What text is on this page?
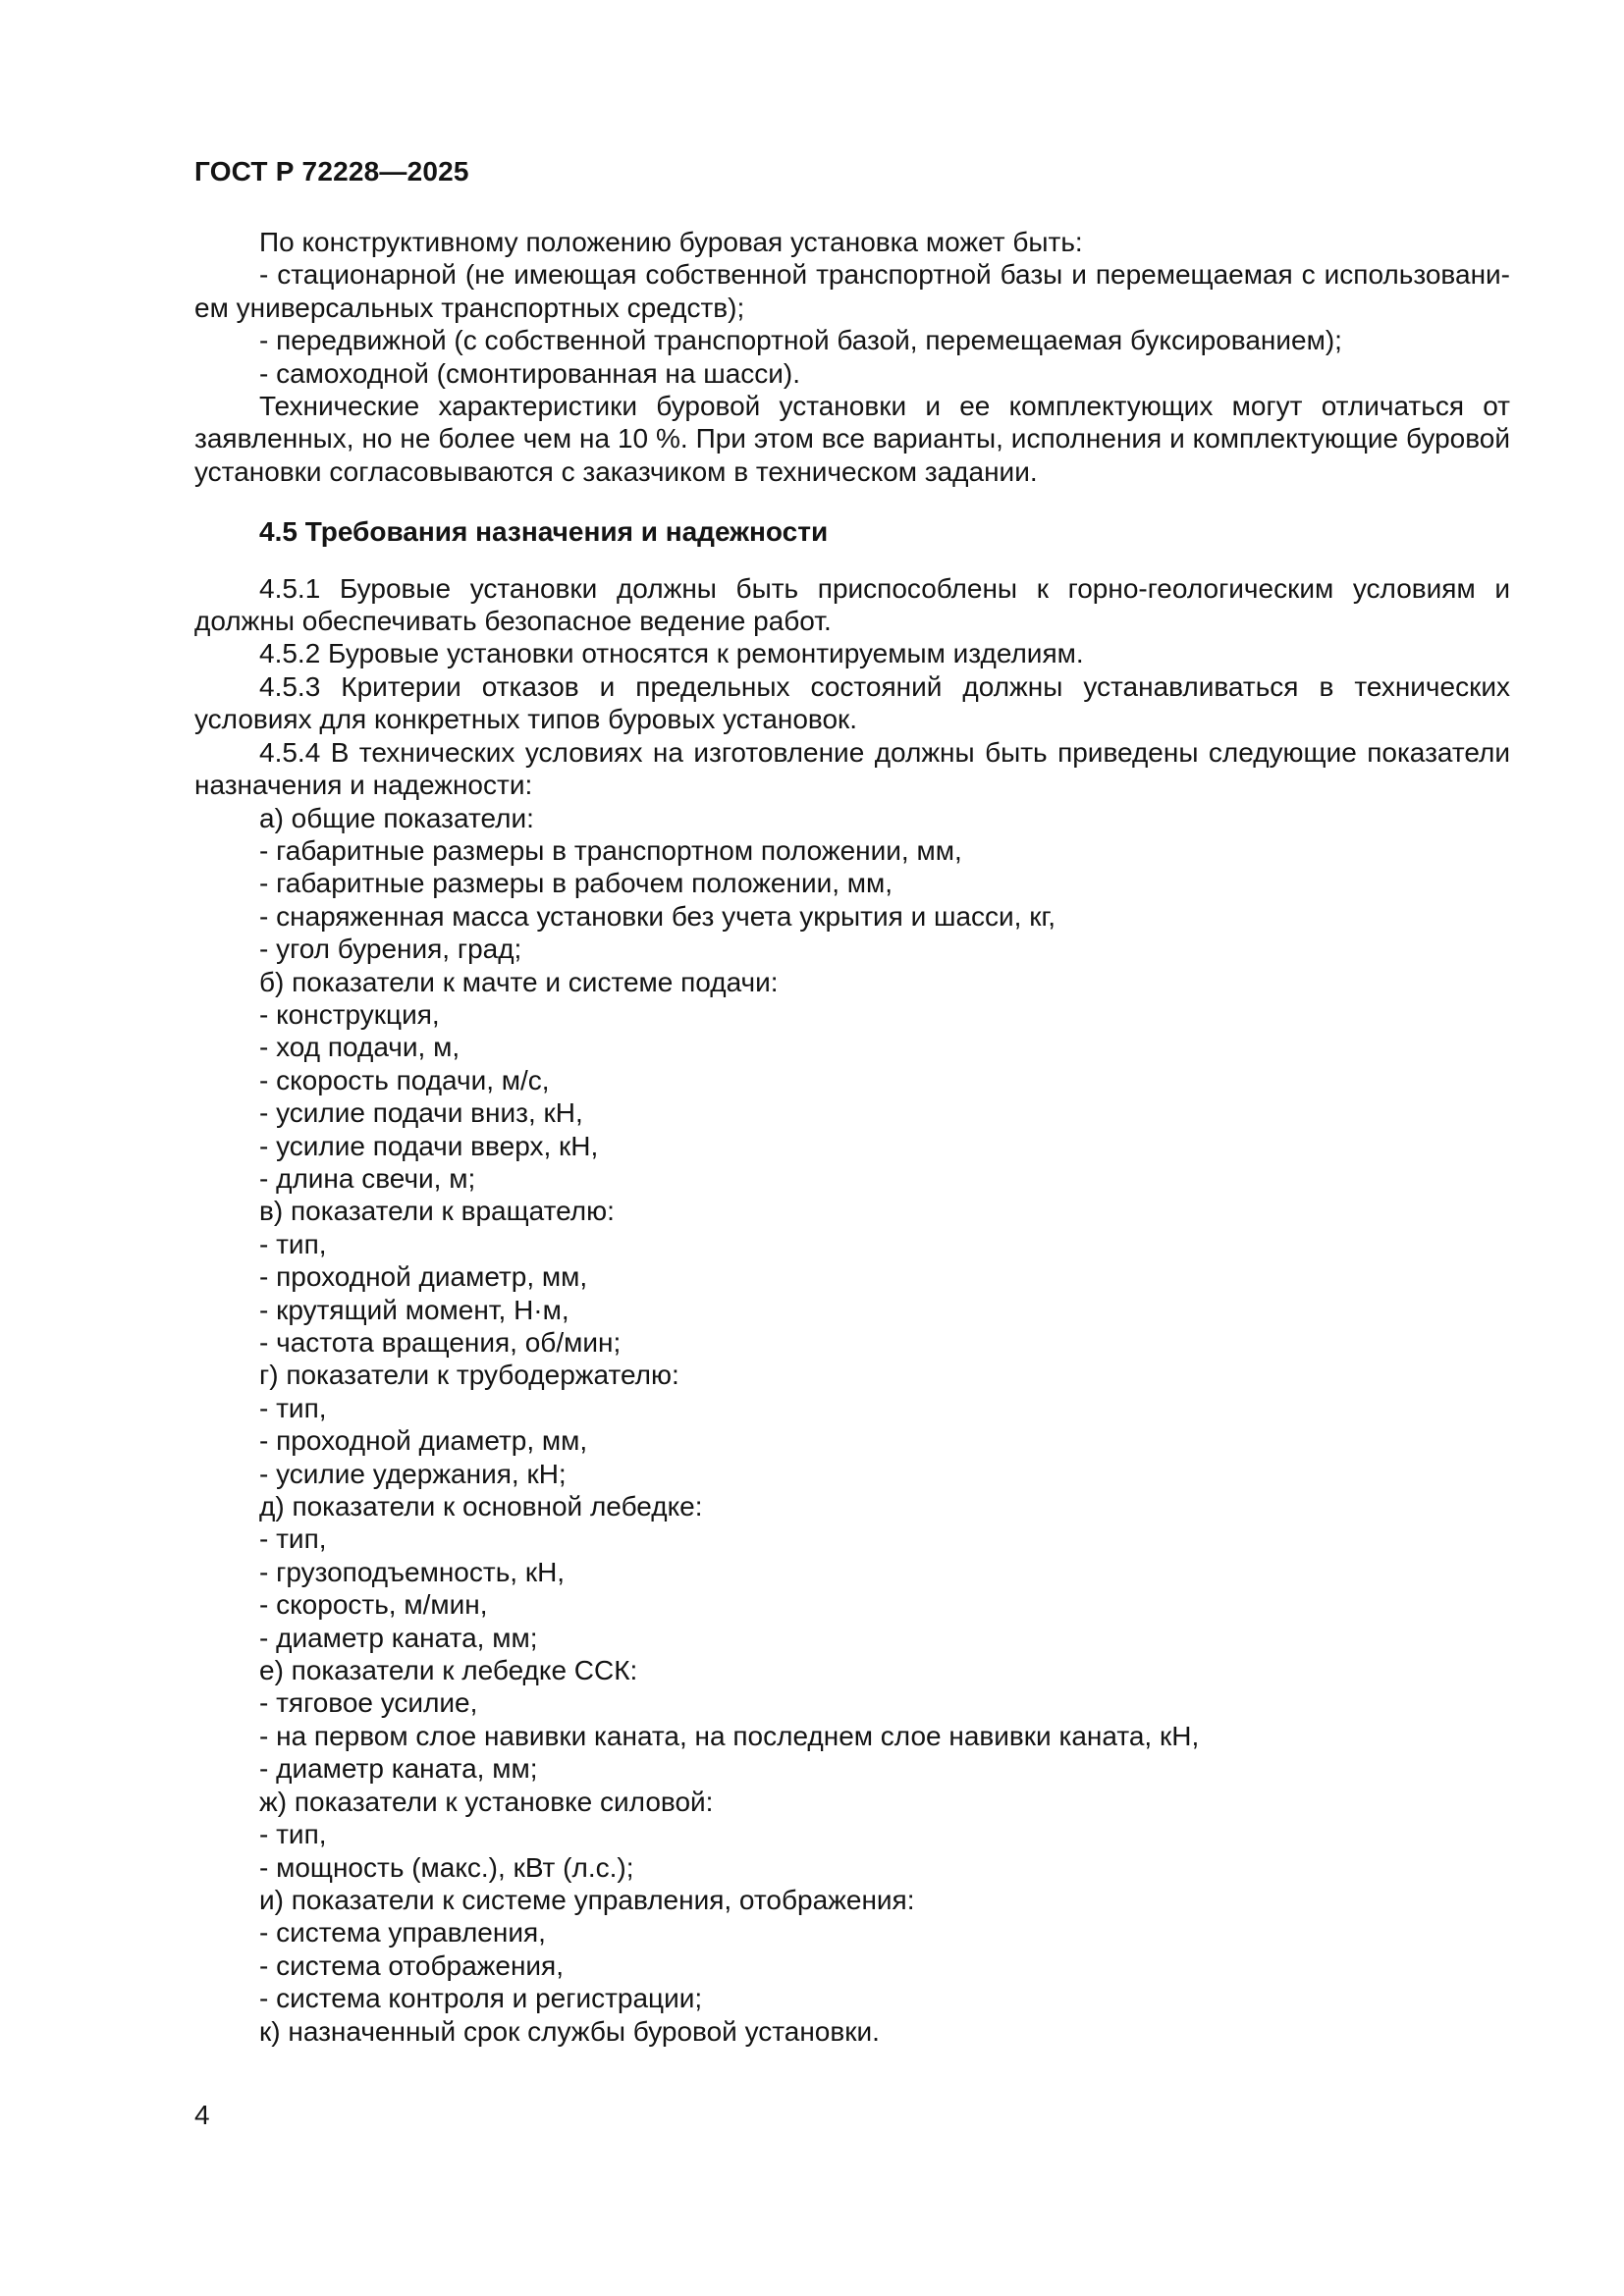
ГОСТ Р 72228—2025

По конструктивному положению буровая установка может быть:

- стационарной (не имеющая собственной транспортной базы и перемещаемая с использованием универсальных транспортных средств);

- передвижной (с собственной транспортной базой, перемещаемая буксированием);

- самоходной (смонтированная на шасси).

Технические характеристики буровой установки и ее комплектующих могут отличаться от заявленных, но не более чем на 10 %. При этом все варианты, исполнения и комплектующие буровой установки согласовываются с заказчиком в техническом задании.

4.5 Требования назначения и надежности

4.5.1 Буровые установки должны быть приспособлены к горно-геологическим условиям и должны обеспечивать безопасное ведение работ.

4.5.2 Буровые установки относятся к ремонтируемым изделиям.

4.5.3 Критерии отказов и предельных состояний должны устанавливаться в технических условиях для конкретных типов буровых установок.

4.5.4 В технических условиях на изготовление должны быть приведены следующие показатели назначения и надежности:

а) общие показатели:

- габаритные размеры в транспортном положении, мм,

- габаритные размеры в рабочем положении, мм,

- снаряженная масса установки без учета укрытия и шасси, кг,

- угол бурения, град;

б) показатели к мачте и системе подачи:

- конструкция,

- ход подачи, м,

- скорость подачи, м/с,

- усилие подачи вниз, кН,

- усилие подачи вверх, кН,

- длина свечи, м;

в) показатели к вращателю:

- тип,

- проходной диаметр, мм,

- крутящий момент, Н·м,

- частота вращения, об/мин;

г) показатели к трубодержателю:

- тип,

- проходной диаметр, мм,

- усилие удержания, кН;

д) показатели к основной лебедке:

- тип,

- грузоподъемность, кН,

- скорость, м/мин,

- диаметр каната, мм;

е) показатели к лебедке ССК:

- тяговое усилие,

- на первом слое навивки каната, на последнем слое навивки каната, кН,

- диаметр каната, мм;

ж) показатели к установке силовой:

- тип,

- мощность (макс.), кВт (л.с.);

и) показатели к системе управления, отображения:

- система управления,

- система отображения,

- система контроля и регистрации;

к) назначенный срок службы буровой установки.

4
